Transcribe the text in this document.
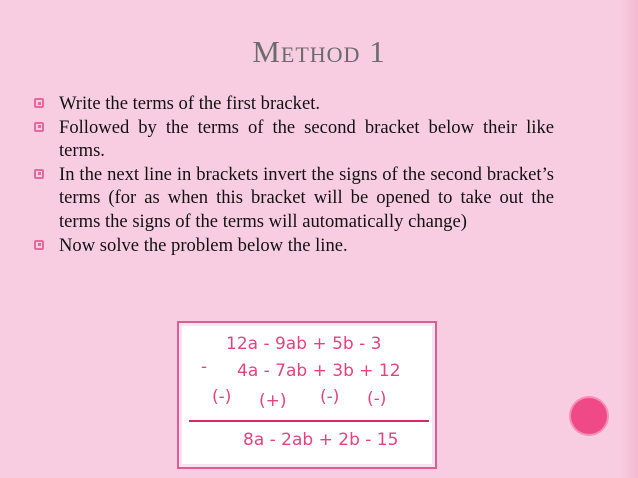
METHOD 1
Write the terms of the first bracket.
Followed by the terms of the second bracket below their like terms.
In the next line in brackets invert the signs of the second bracket’s terms (for as when this bracket will be opened to take out the terms the signs of the terms will automatically change)
Now solve the problem below the line.
12a - 9ab + 5b - 3
- 4a - 7ab + 3b + 12
(-) (+) (-) (-)
8a - 2ab + 2b - 15
